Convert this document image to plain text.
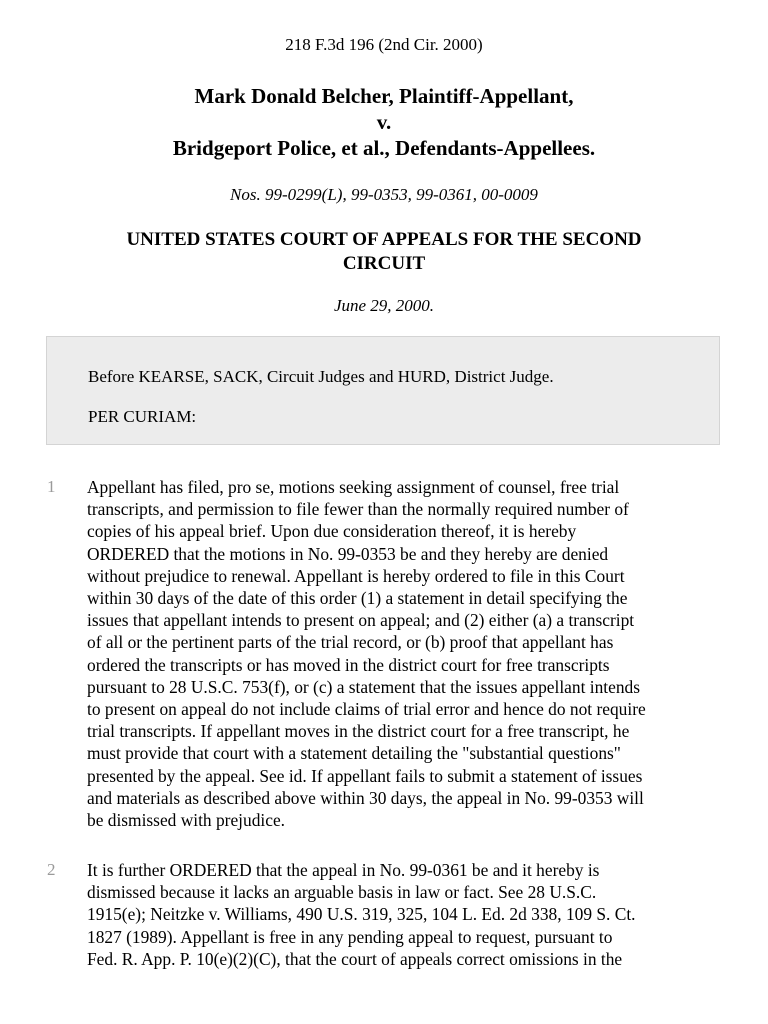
218 F.3d 196 (2nd Cir. 2000)
Mark Donald Belcher, Plaintiff-Appellant,
v.
Bridgeport Police, et al., Defendants-Appellees.
Nos. 99-0299(L), 99-0353, 99-0361, 00-0009
UNITED STATES COURT OF APPEALS FOR THE SECOND
CIRCUIT
June 29, 2000.
Before KEARSE, SACK, Circuit Judges and HURD, District Judge.
PER CURIAM:
1 Appellant has filed, pro se, motions seeking assignment of counsel, free trial
transcripts, and permission to file fewer than the normally required number of
copies of his appeal brief. Upon due consideration thereof, it is hereby
ORDERED that the motions in No. 99-0353 be and they hereby are denied
without prejudice to renewal. Appellant is hereby ordered to file in this Court
within 30 days of the date of this order (1) a statement in detail specifying the
issues that appellant intends to present on appeal; and (2) either (a) a transcript
of all or the pertinent parts of the trial record, or (b) proof that appellant has
ordered the transcripts or has moved in the district court for free transcripts
pursuant to 28 U.S.C. 753(f), or (c) a statement that the issues appellant intends
to present on appeal do not include claims of trial error and hence do not require
trial transcripts. If appellant moves in the district court for a free transcript, he
must provide that court with a statement detailing the "substantial questions"
presented by the appeal. See id. If appellant fails to submit a statement of issues
and materials as described above within 30 days, the appeal in No. 99-0353 will
be dismissed with prejudice.

2 It is further ORDERED that the appeal in No. 99-0361 be and it hereby is
dismissed because it lacks an arguable basis in law or fact. See 28 U.S.C.
1915(e); Neitzke v. Williams, 490 U.S. 319, 325, 104 L. Ed. 2d 338, 109 S. Ct.
1827 (1989). Appellant is free in any pending appeal to request, pursuant to
Fed. R. App. P. 10(e)(2)(C), that the court of appeals correct omissions in the
